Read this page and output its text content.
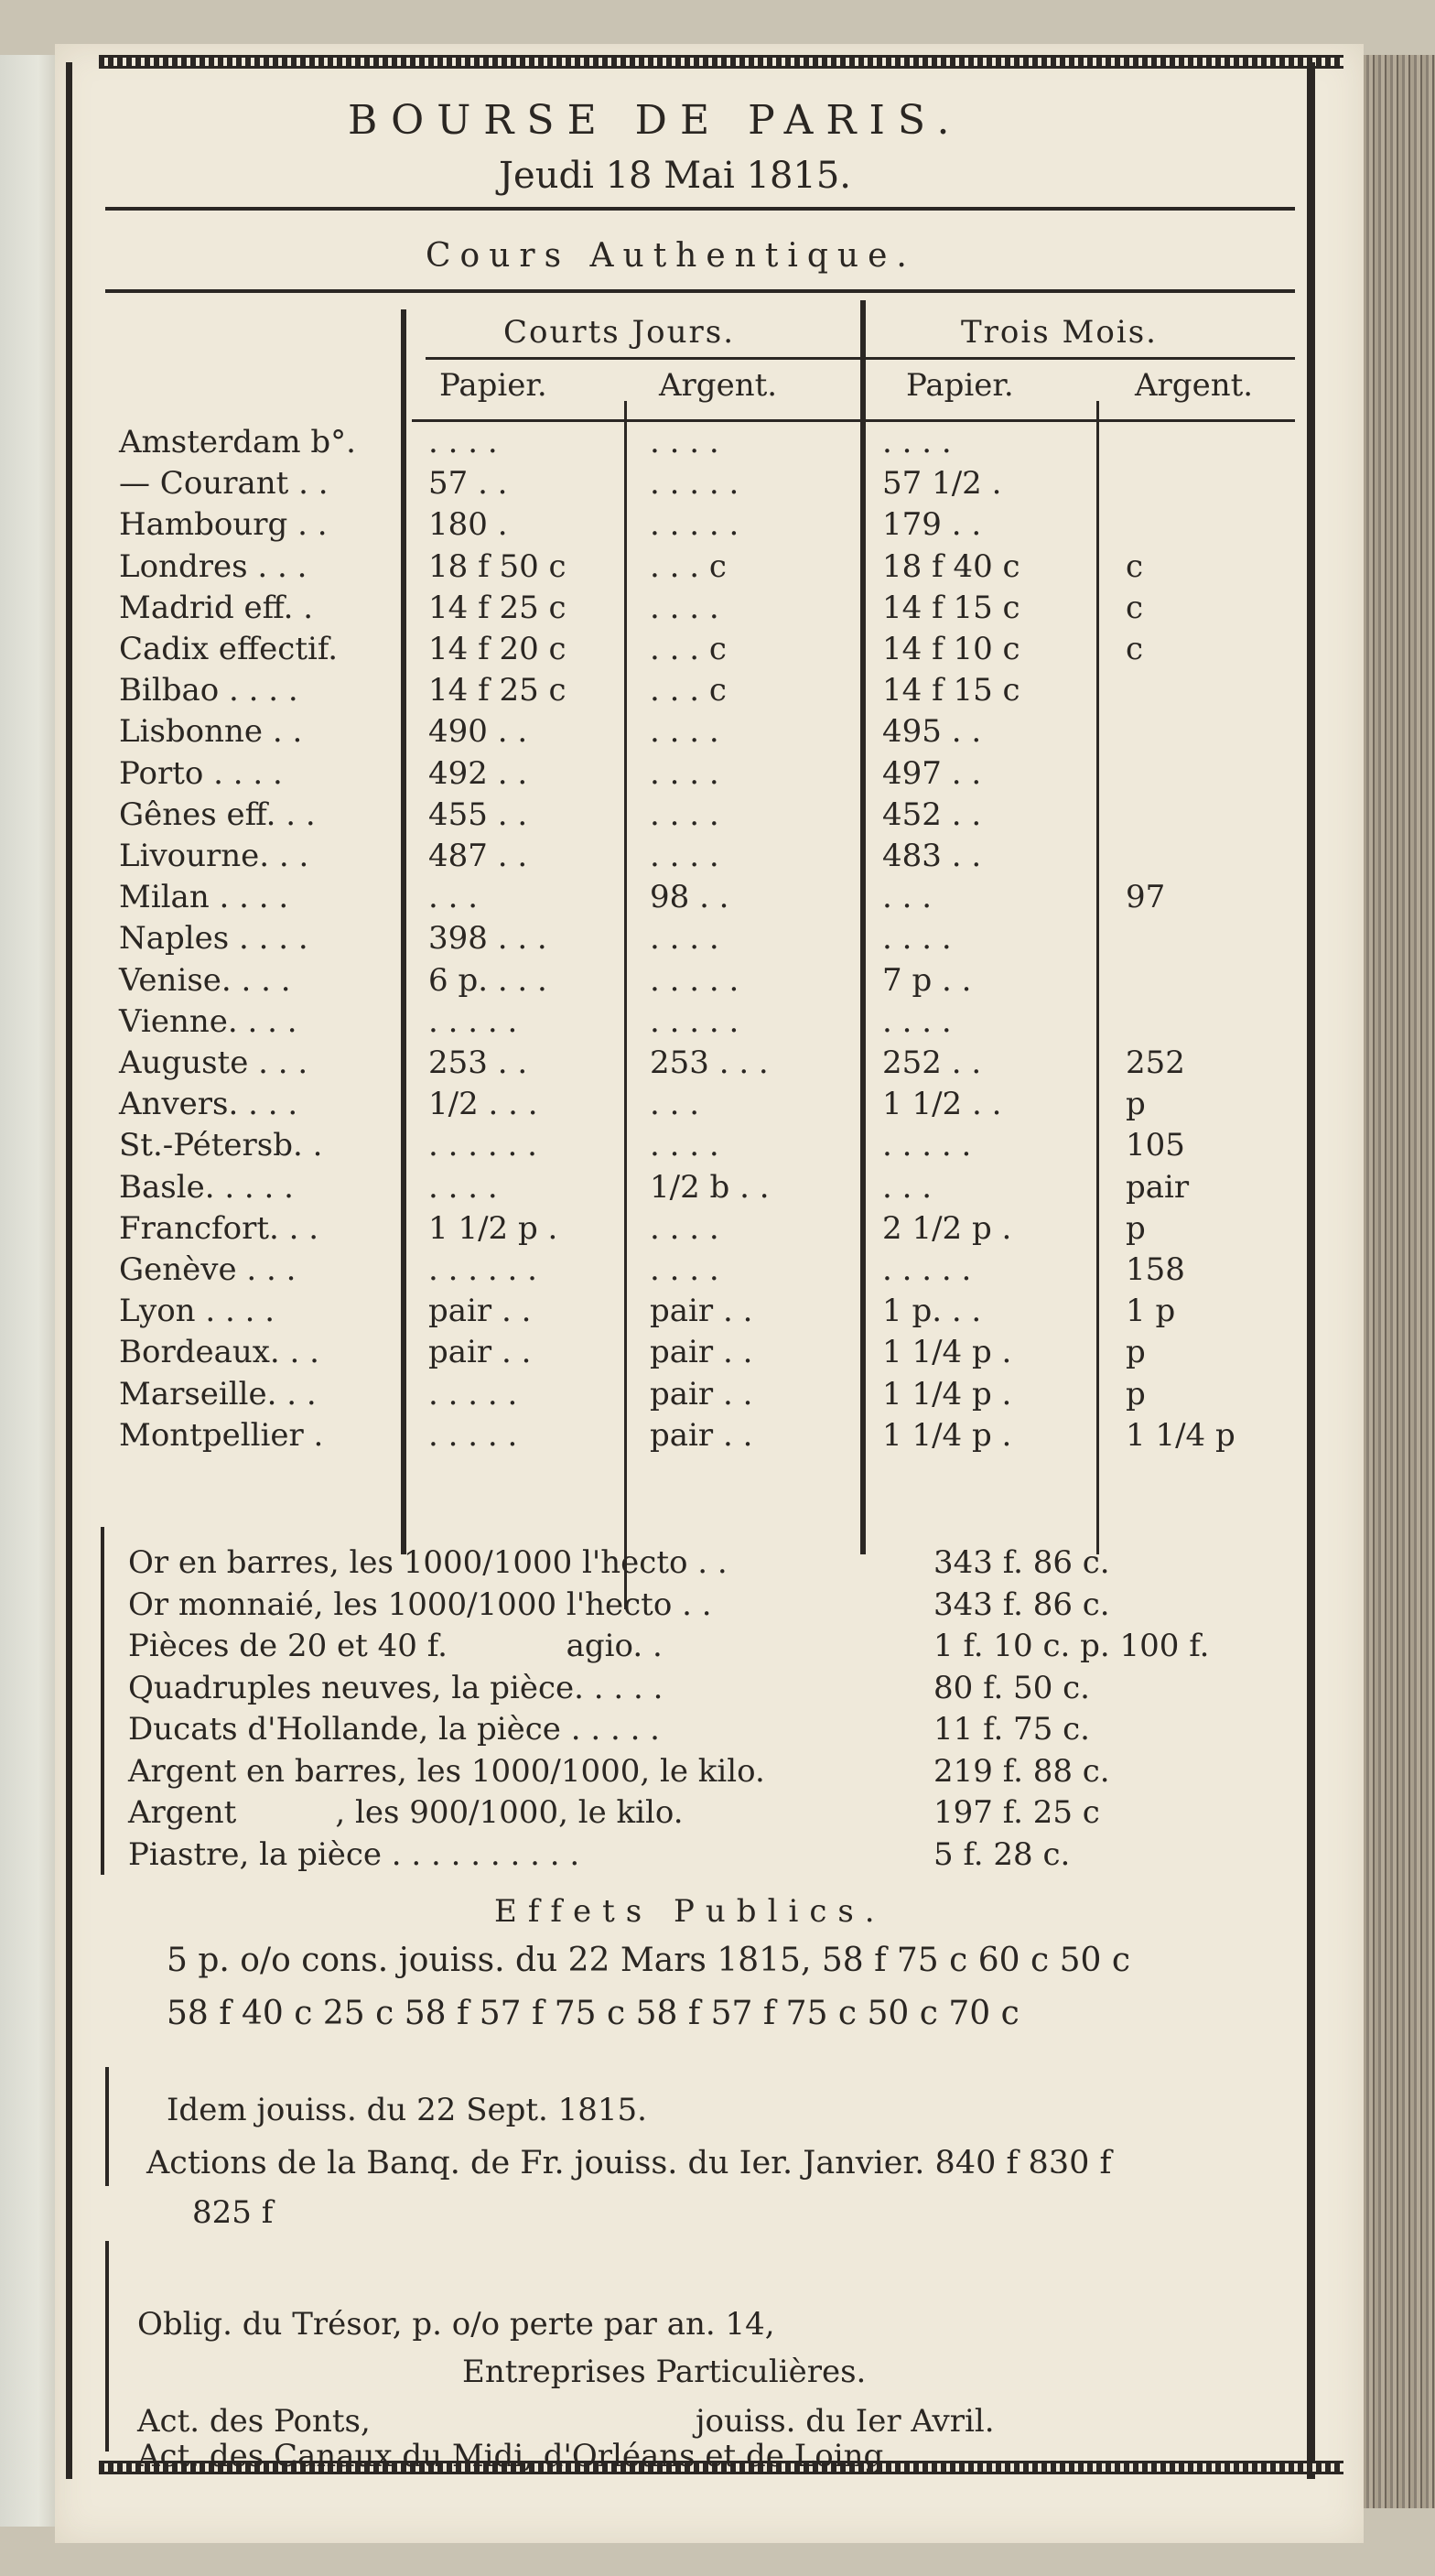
BOURSE DE PARIS.
Jeudi 18 Mai 1815.
Cours Authentique.
Courts Jours.	Trois Mois.
Papier.	Argent.	Papier.	Argent.
Amsterdam b°. . . . .	. . . .	. . . .
— Courant . .	57 . .	. . . . .	57 1/2 .
Hambourg . .	180 .	. . . . .	179 . .
Londres . . .	18 f 50 c	. . . c	18 f 40 c	c
Madrid eff. .	14 f 25 c	. . . .	14 f 15 c	c
Cadix effectif.	14 f 20 c	. . . c	14 f 10 c	c
Bilbao . . . .	14 f 25 c	. . . c	14 f 15 c
Lisbonne . .	490 . .	. . . .	495 . .
Porto . . . .	492 . .	. . . .	497 . .
Gênes eff. . .	455 . .	. . . .	452 . .
Livourne. . .	487 . .	. . . .	483 . .
Milan . . . .	. . .	98 . .	. . .	97
Naples . . . .	398 . . .	. . . .	. . . .
Venise. . . .	6 p. . . .	. . . . .	7 p . .
Vienne. . . .	. . . . .	. . . . .	. . . .
Auguste . . .	253 . .	253 . . .	252 . .	252
Anvers. . . .	1/2 . . .	. . .	1 1/2 . .	p
St.-Pétersb. .	. . . . . .	. . . .	. . . . .	105
Basle. . . . .	. . . .	1/2 b . .	. . .	pair
Francfort. . .	1 1/2 p .	. . . .	2 1/2 p .	p
Genève . . .	. . . . . .	. . . .	. . . . .	158
Lyon . . . .	pair . .	pair . .	1 p. . .	1 p
Bordeaux. . .	pair . .	pair . .	1 1/4 p .	p
Marseille. . .	. . . . .	pair . .	1 1/4 p .	p
Montpellier .	. . . . .	pair . .	1 1/4 p .	1 1/4 p
Or en barres, les 1000/1000 l'hecto . .	343 f. 86 c.
Or monnaié, les 1000/1000 l'hecto . .	343 f. 86 c.
Pièces de 20 et 40 f.            agio. .	1 f. 10 c. p. 100 f.
Quadruples neuves, la pièce. . . . .	80 f. 50 c.
Ducats d'Hollande, la pièce . . . . .	11 f. 75 c.
Argent en barres, les 1000/1000, le kilo.	219 f. 88 c.
Argent          , les 900/1000, le kilo.	197 f. 25 c
Piastre, la pièce . . . . . . . . . .	5 f. 28 c.
Effets Publics.
5 p. o/o cons. jouiss. du 22 Mars 1815, 58 f 75 c 60 c 50 c
58 f 40 c 25 c 58 f 57 f 75 c 58 f 57 f 75 c 50 c 70 c
Idem jouiss. du 22 Sept. 1815.
Actions de la Banq. de Fr. jouiss. du Ier. Janvier. 840 f 830 f
825 f
Oblig. du Trésor, p. o/o perte par an. 14,
Entreprises Particulières.
Act. des Ponts,	jouiss. du Ier Avril.
Act. des Canaux du Midi, d'Orléans et de Loing.
